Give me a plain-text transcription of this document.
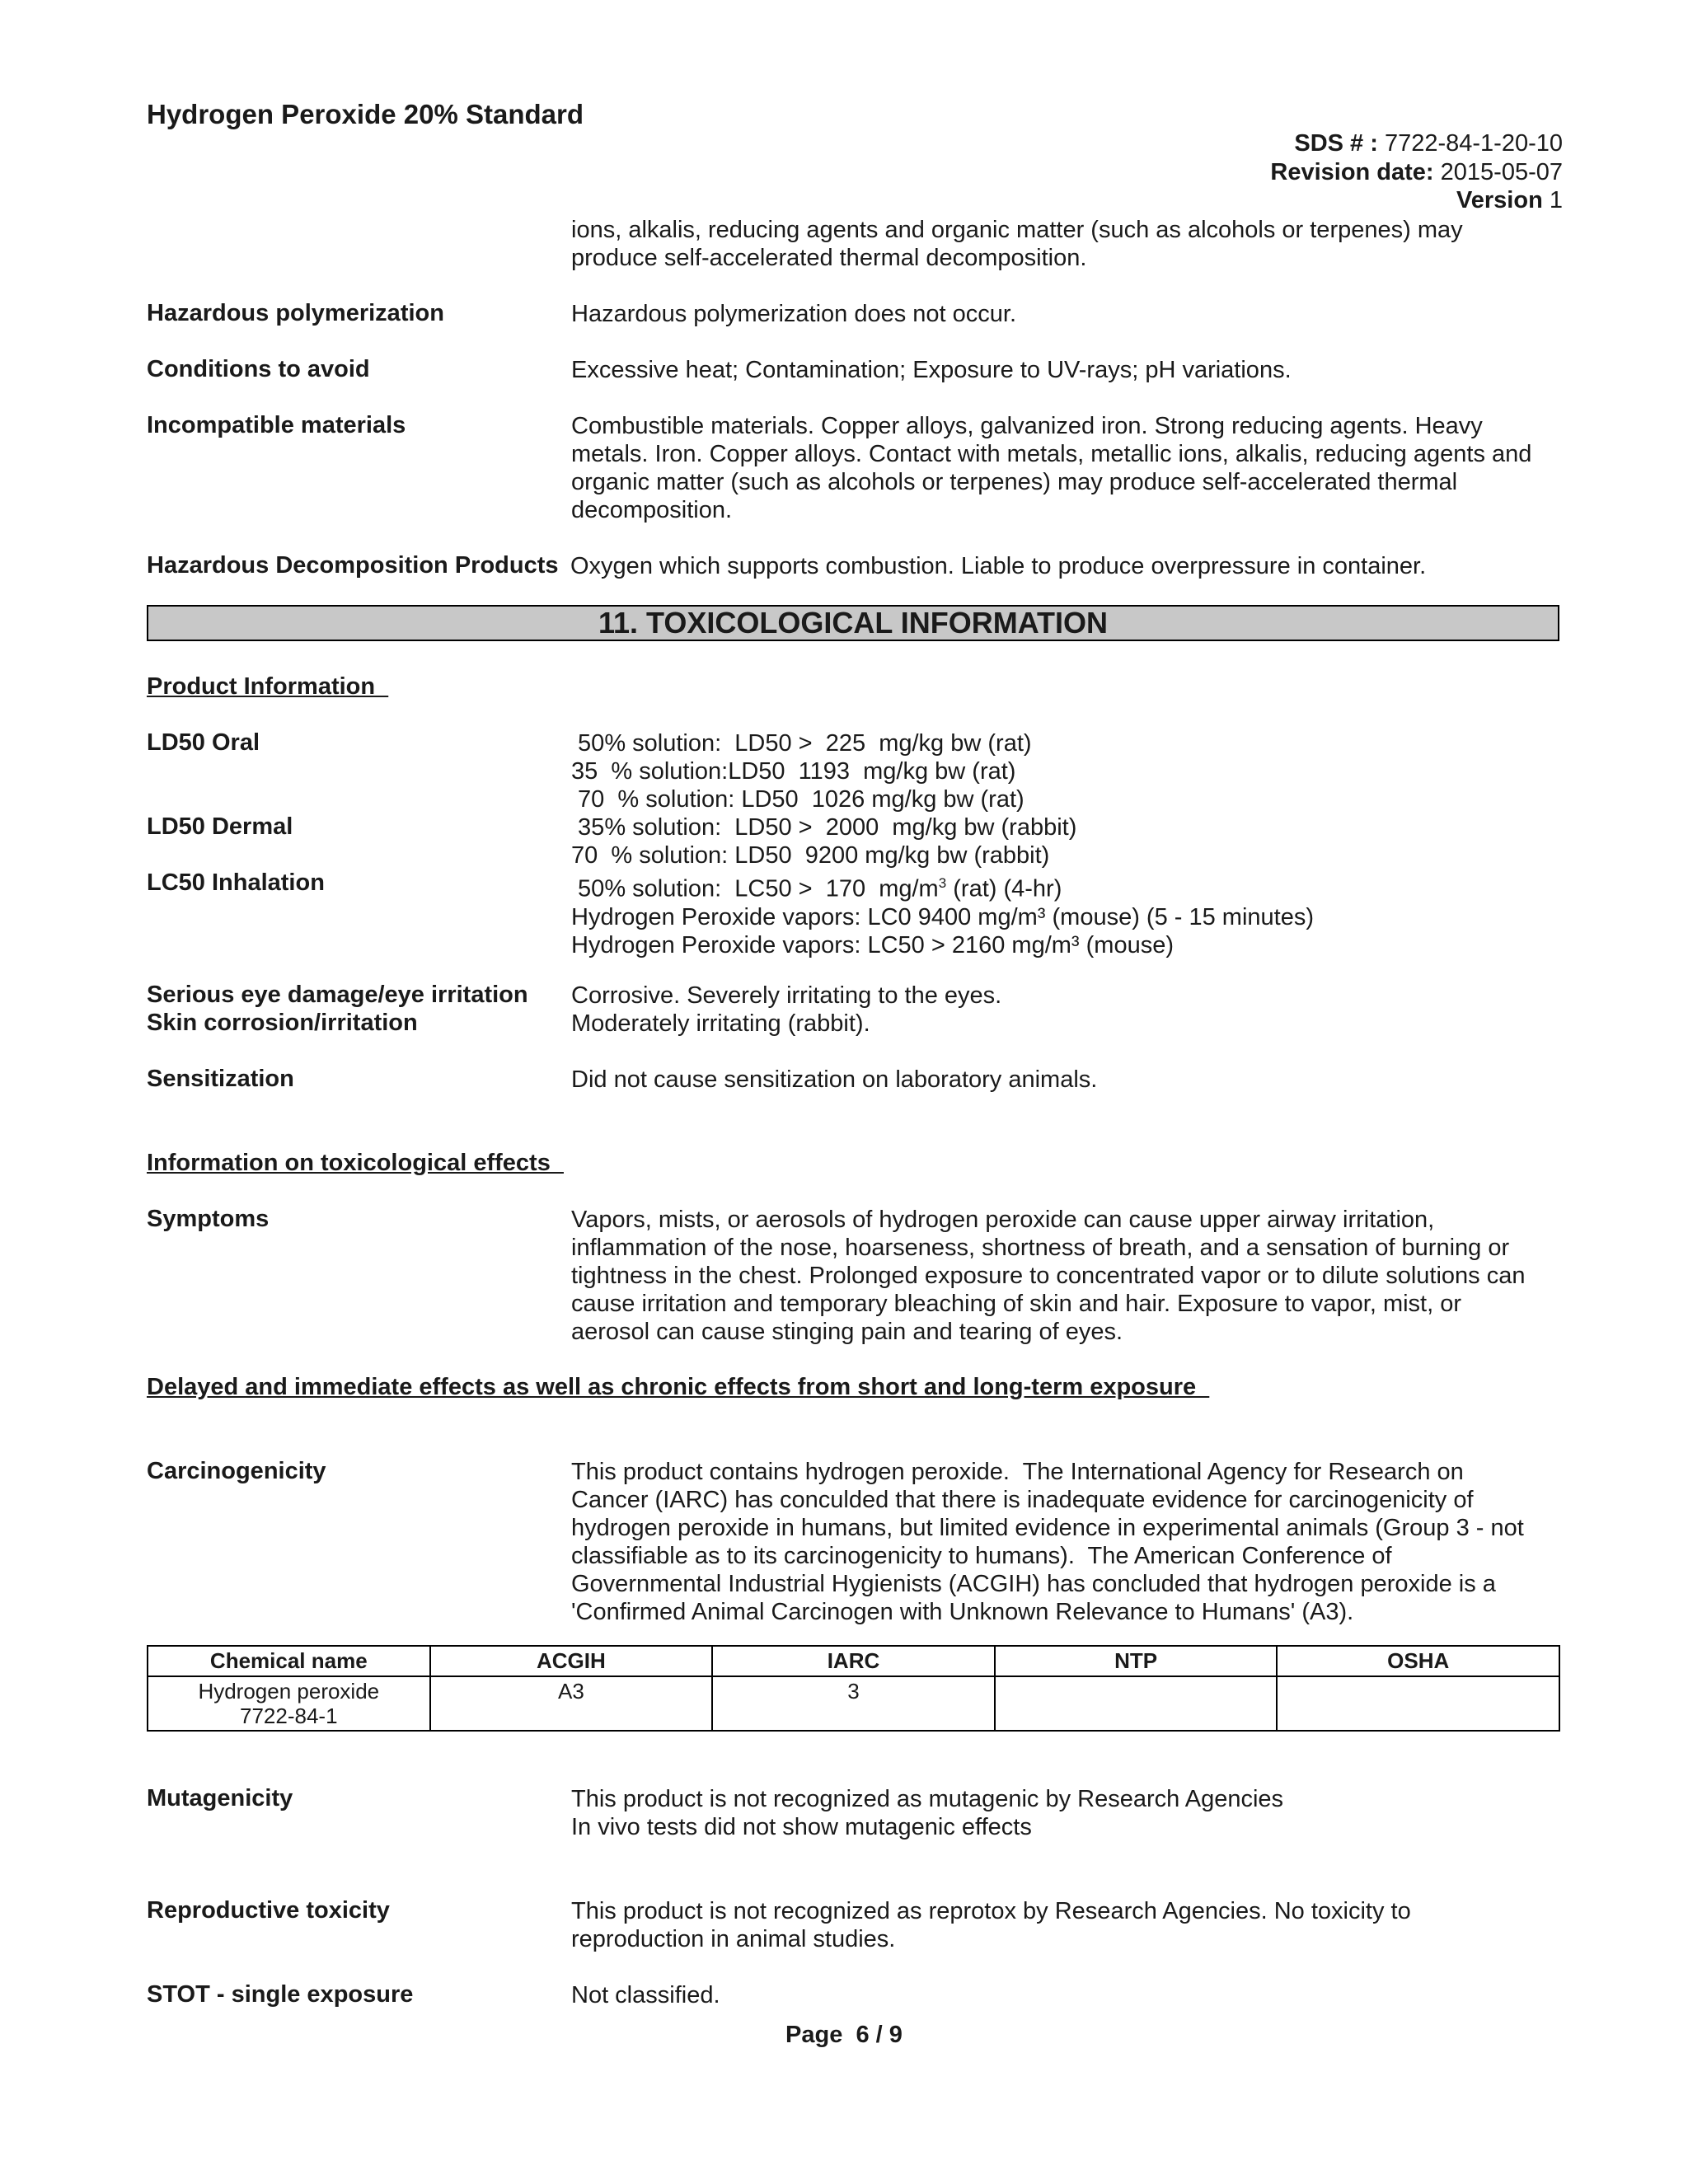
Hydrogen Peroxide 20% Standard
SDS # : 7722-84-1-20-10
Revision date: 2015-05-07
Version 1
ions, alkalis, reducing agents and organic matter (such as alcohols or terpenes) may
produce self-accelerated thermal decomposition.
Hazardous polymerization	Hazardous polymerization does not occur.
Conditions to avoid	Excessive heat; Contamination; Exposure to UV-rays; pH variations.
Incompatible materials	Combustible materials. Copper alloys, galvanized iron. Strong reducing agents. Heavy
metals. Iron. Copper alloys. Contact with metals, metallic ions, alkalis, reducing agents and
organic matter (such as alcohols or terpenes) may produce self-accelerated thermal
decomposition.
Hazardous Decomposition Products Oxygen which supports combustion. Liable to produce overpressure in container.
11. TOXICOLOGICAL INFORMATION
Product Information
LD50 Oral	50% solution:  LD50 >  225  mg/kg bw (rat)
35  % solution:LD50  1193  mg/kg bw (rat)
70  % solution: LD50  1026 mg/kg bw (rat)
LD50 Dermal	35% solution:  LD50 >  2000  mg/kg bw (rabbit)
70  % solution: LD50  9200 mg/kg bw (rabbit)
LC50 Inhalation	50% solution:  LC50 >  170  $mg/m^3$ (rat) (4-hr)
Hydrogen Peroxide vapors: LC0 9400 mg/m³ (mouse) (5 - 15 minutes)
Hydrogen Peroxide vapors: LC50 > 2160 mg/m³ (mouse)
Serious eye damage/eye irritation Corrosive. Severely irritating to the eyes.
Skin corrosion/irritation	Moderately irritating (rabbit).
Sensitization	Did not cause sensitization on laboratory animals.
Information on toxicological effects
Symptoms	Vapors, mists, or aerosols of hydrogen peroxide can cause upper airway irritation,
inflammation of the nose, hoarseness, shortness of breath, and a sensation of burning or
tightness in the chest. Prolonged exposure to concentrated vapor or to dilute solutions can
cause irritation and temporary bleaching of skin and hair. Exposure to vapor, mist, or
aerosol can cause stinging pain and tearing of eyes.
Delayed and immediate effects as well as chronic effects from short and long-term exposure
Carcinogenicity	This product contains hydrogen peroxide.  The International Agency for Research on
Cancer (IARC) has conculded that there is inadequate evidence for carcinogenicity of
hydrogen peroxide in humans, but limited evidence in experimental animals (Group 3 - not
classifiable as to its carcinogenicity to humans).  The American Conference of
Governmental Industrial Hygienists (ACGIH) has concluded that hydrogen peroxide is a
'Confirmed Animal Carcinogen with Unknown Relevance to Humans' (A3).
Chemical name	ACGIH	IARC	NTP	OSHA

Hydrogen peroxide
7722-84-1	A3	3		
Mutagenicity	This product is not recognized as mutagenic by Research Agencies
In vivo tests did not show mutagenic effects
Reproductive toxicity	This product is not recognized as reprotox by Research Agencies. No toxicity to
reproduction in animal studies.
STOT - single exposure	Not classified.
Page 6 / 9
